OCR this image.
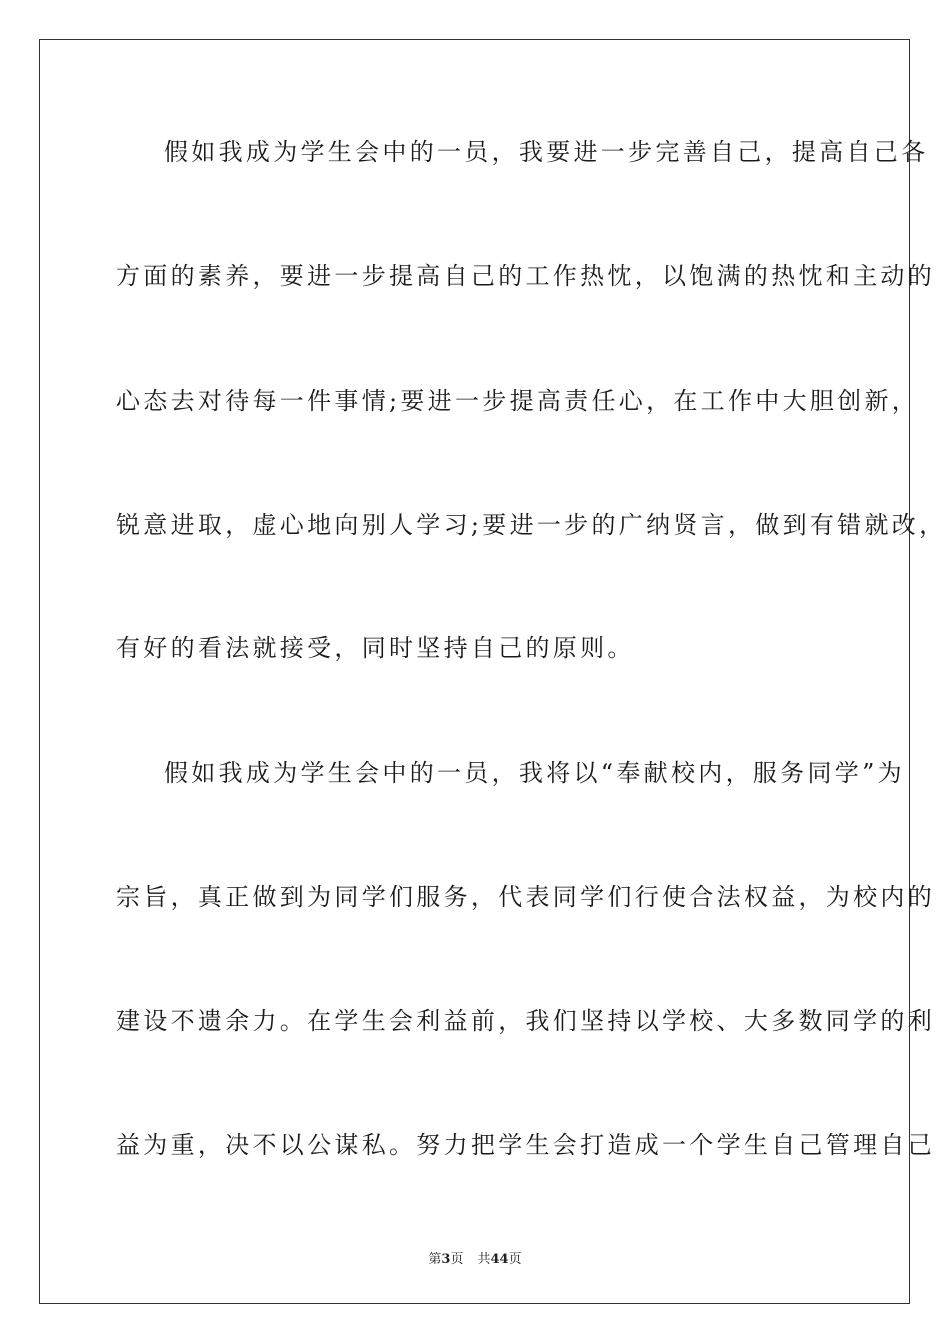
假如我成为学生会中的一员，我要进一步完善自己，提高自己各
方面的素养，要进一步提高自己的工作热忱，以饱满的热忱和主动的
心态去对待每一件事情;要进一步提高责任心，在工作中大胆创新，
锐意进取，虚心地向别人学习;要进一步的广纳贤言，做到有错就改，
有好的看法就接受，同时坚持自己的原则。
假如我成为学生会中的一员，我将以“奉献校内，服务同学”为
宗旨，真正做到为同学们服务，代表同学们行使合法权益，为校内的
建设不遗余力。在学生会利益前，我们坚持以学校、大多数同学的利
益为重，决不以公谋私。努力把学生会打造成一个学生自己管理自己
第3页 共44页
